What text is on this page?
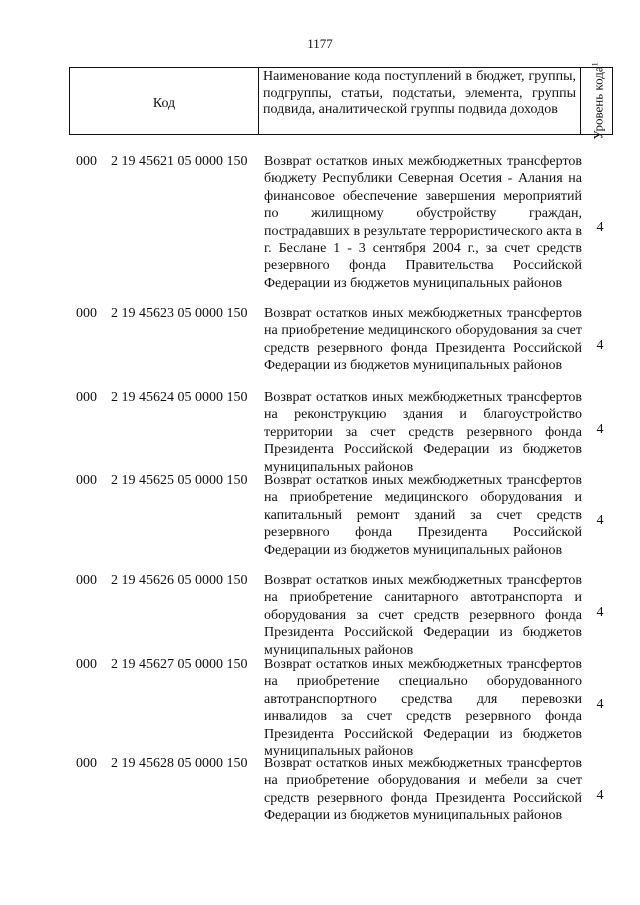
1177
Код
Наименование кода поступлений в бюджет, группы, подгруппы, статьи, подстатьи, элемента, группы подвида, аналитической группы подвида доходов	Уровень кода$^1$
000 2 19 45621 05 0000 150 Возврат остатков иных межбюджетных трансфертов бюджету Республики Северная Осетия - Алания на финансовое обеспечение завершения мероприятий по жилищному обустройству граждан, пострадавших в результате террористического акта в г. Беслане 1 - 3 сентября 2004 г., за счет средств резервного фонда Правительства Российской Федерации из бюджетов муниципальных районов
4
000 2 19 45623 05 0000 150 Возврат остатков иных межбюджетных трансфертов на приобретение медицинского оборудования за счет средств резервного фонда Президента Российской Федерации из бюджетов муниципальных районов
4
000 2 19 45624 05 0000 150 Возврат остатков иных межбюджетных трансфертов на реконструкцию здания и благоустройство территории за счет средств резервного фонда Президента Российской Федерации из бюджетов муниципальных районов
4
000 2 19 45625 05 0000 150 Возврат остатков иных межбюджетных трансфертов на приобретение медицинского оборудования и капитальный ремонт зданий за счет средств резервного фонда Президента Российской Федерации из бюджетов муниципальных районов
4
000 2 19 45626 05 0000 150 Возврат остатков иных межбюджетных трансфертов на приобретение санитарного автотранспорта и оборудования за счет средств резервного фонда Президента Российской Федерации из бюджетов муниципальных районов
4
000 2 19 45627 05 0000 150 Возврат остатков иных межбюджетных трансфертов на приобретение специально оборудованного автотранспортного средства для перевозки инвалидов за счет средств резервного фонда Президента Российской Федерации из бюджетов муниципальных районов
4
000 2 19 45628 05 0000 150 Возврат остатков иных межбюджетных трансфертов на приобретение оборудования и мебели за счет средств резервного фонда Президента Российской Федерации из бюджетов муниципальных районов
4
